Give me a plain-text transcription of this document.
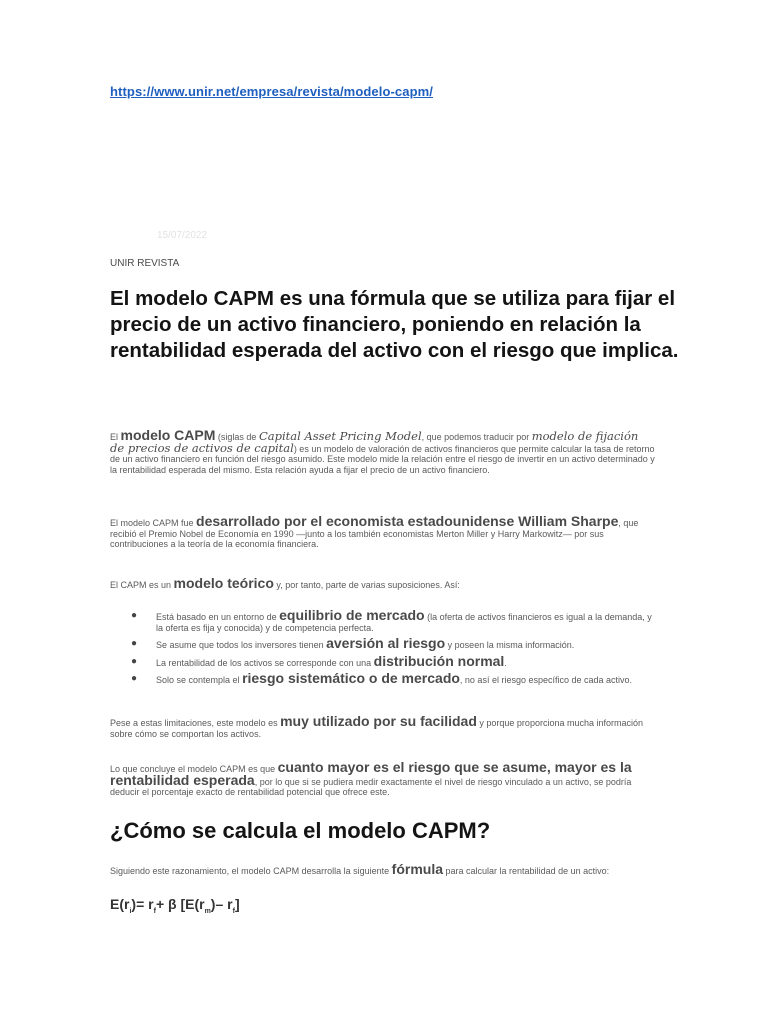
https://www.unir.net/empresa/revista/modelo-capm/
15/07/2022
UNIR REVISTA
El modelo CAPM es una fórmula que se utiliza para fijar el precio de un activo financiero, poniendo en relación la rentabilidad esperada del activo con el riesgo que implica.

El modelo CAPM (siglas de Capital Asset Pricing Model, que podemos traducir por modelo de fijación de precios de activos de capital) es un modelo de valoración de activos financieros que permite calcular la tasa de retorno de un activo financiero en función del riesgo asumido. Este modelo mide la relación entre el riesgo de invertir en un activo determinado y la rentabilidad esperada del mismo. Esta relación ayuda a fijar el precio de un activo financiero.

El modelo CAPM fue desarrollado por el economista estadounidense William Sharpe, que recibió el Premio Nobel de Economía en 1990 —junto a los también economistas Merton Miller y Harry Markowitz— por sus contribuciones a la teoría de la economía financiera.

El CAPM es un modelo teórico y, por tanto, parte de varias suposiciones. Así:

● Está basado en un entorno de equilibrio de mercado (la oferta de activos financieros es igual a la demanda, y la oferta es fija y conocida) y de competencia perfecta.
● Se asume que todos los inversores tienen aversión al riesgo y poseen la misma información.
● La rentabilidad de los activos se corresponde con una distribución normal.
● Solo se contempla el riesgo sistemático o de mercado, no así el riesgo específico de cada activo.

Pese a estas limitaciones, este modelo es muy utilizado por su facilidad y porque proporciona mucha información sobre cómo se comportan los activos.

Lo que concluye el modelo CAPM es que cuanto mayor es el riesgo que se asume, mayor es la rentabilidad esperada, por lo que si se pudiera medir exactamente el nivel de riesgo vinculado a un activo, se podría deducir el porcentaje exacto de rentabilidad potencial que ofrece este.

¿Cómo se calcula el modelo CAPM?

Siguiendo este razonamiento, el modelo CAPM desarrolla la siguiente fórmula para calcular la rentabilidad de un activo:

$E(r_i)= r_f+ \beta$ [$E(r_m)-$ $r_f$]
